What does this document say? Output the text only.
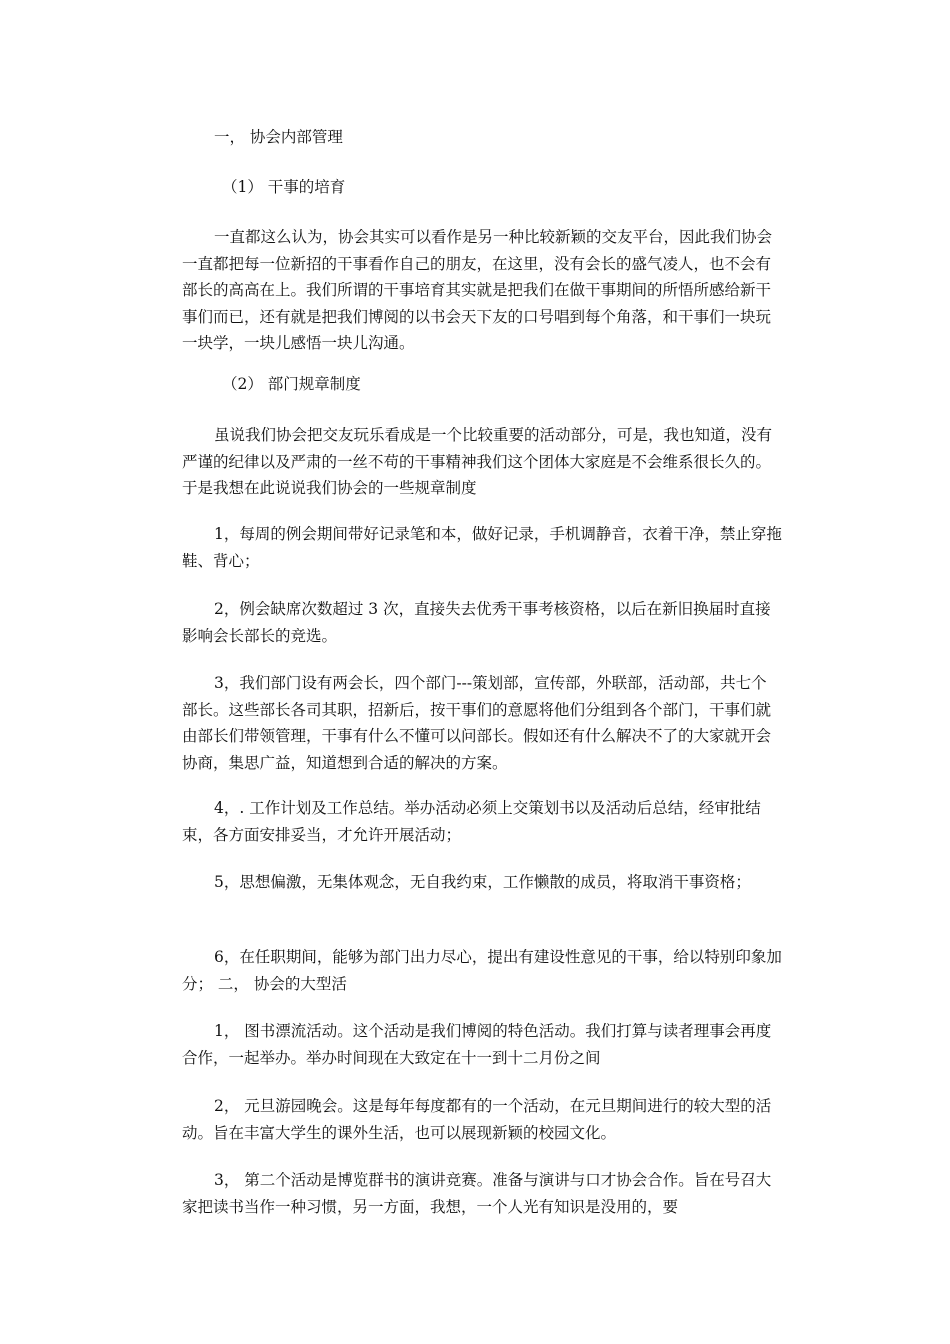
一， 协会内部管理

（1） 干事的培育

一直都这么认为，协会其实可以看作是另一种比较新颖的交友平台，因此我们协会一直都把每一位新招的干事看作自己的朋友，在这里，没有会长的盛气凌人，也不会有部长的高高在上。我们所谓的干事培育其实就是把我们在做干事期间的所悟所感给新干事们而已，还有就是把我们博阅的以书会天下友的口号唱到每个角落，和干事们一块玩一块学，一块儿感悟一块儿沟通。

（2） 部门规章制度

虽说我们协会把交友玩乐看成是一个比较重要的活动部分，可是，我也知道，没有严谨的纪律以及严肃的一丝不苟的干事精神我们这个团体大家庭是不会维系很长久的。于是我想在此说说我们协会的一些规章制度

1，每周的例会期间带好记录笔和本，做好记录，手机调静音，衣着干净，禁止穿拖鞋、背心；

2，例会缺席次数超过 3 次，直接失去优秀干事考核资格，以后在新旧换届时直接影响会长部长的竞选。

3，我们部门设有两会长，四个部门---策划部，宣传部，外联部，活动部，共七个部长。这些部长各司其职，招新后，按干事们的意愿将他们分组到各个部门，干事们就由部长们带领管理，干事有什么不懂可以问部长。假如还有什么解决不了的大家就开会协商，集思广益，知道想到合适的解决的方案。

4，. 工作计划及工作总结。举办活动必须上交策划书以及活动后总结，经审批结束，各方面安排妥当，才允许开展活动；

5，思想偏激，无集体观念，无自我约束，工作懒散的成员，将取消干事资格；

6，在任职期间，能够为部门出力尽心，提出有建设性意见的干事，给以特别印象加分； 二， 协会的大型活

1， 图书漂流活动。这个活动是我们博阅的特色活动。我们打算与读者理事会再度合作，一起举办。举办时间现在大致定在十一到十二月份之间

2， 元旦游园晚会。这是每年每度都有的一个活动，在元旦期间进行的较大型的活动。旨在丰富大学生的课外生活，也可以展现新颖的校园文化。

3， 第二个活动是博览群书的演讲竞赛。准备与演讲与口才协会合作。旨在号召大家把读书当作一种习惯，另一方面，我想，一个人光有知识是没用的，要
